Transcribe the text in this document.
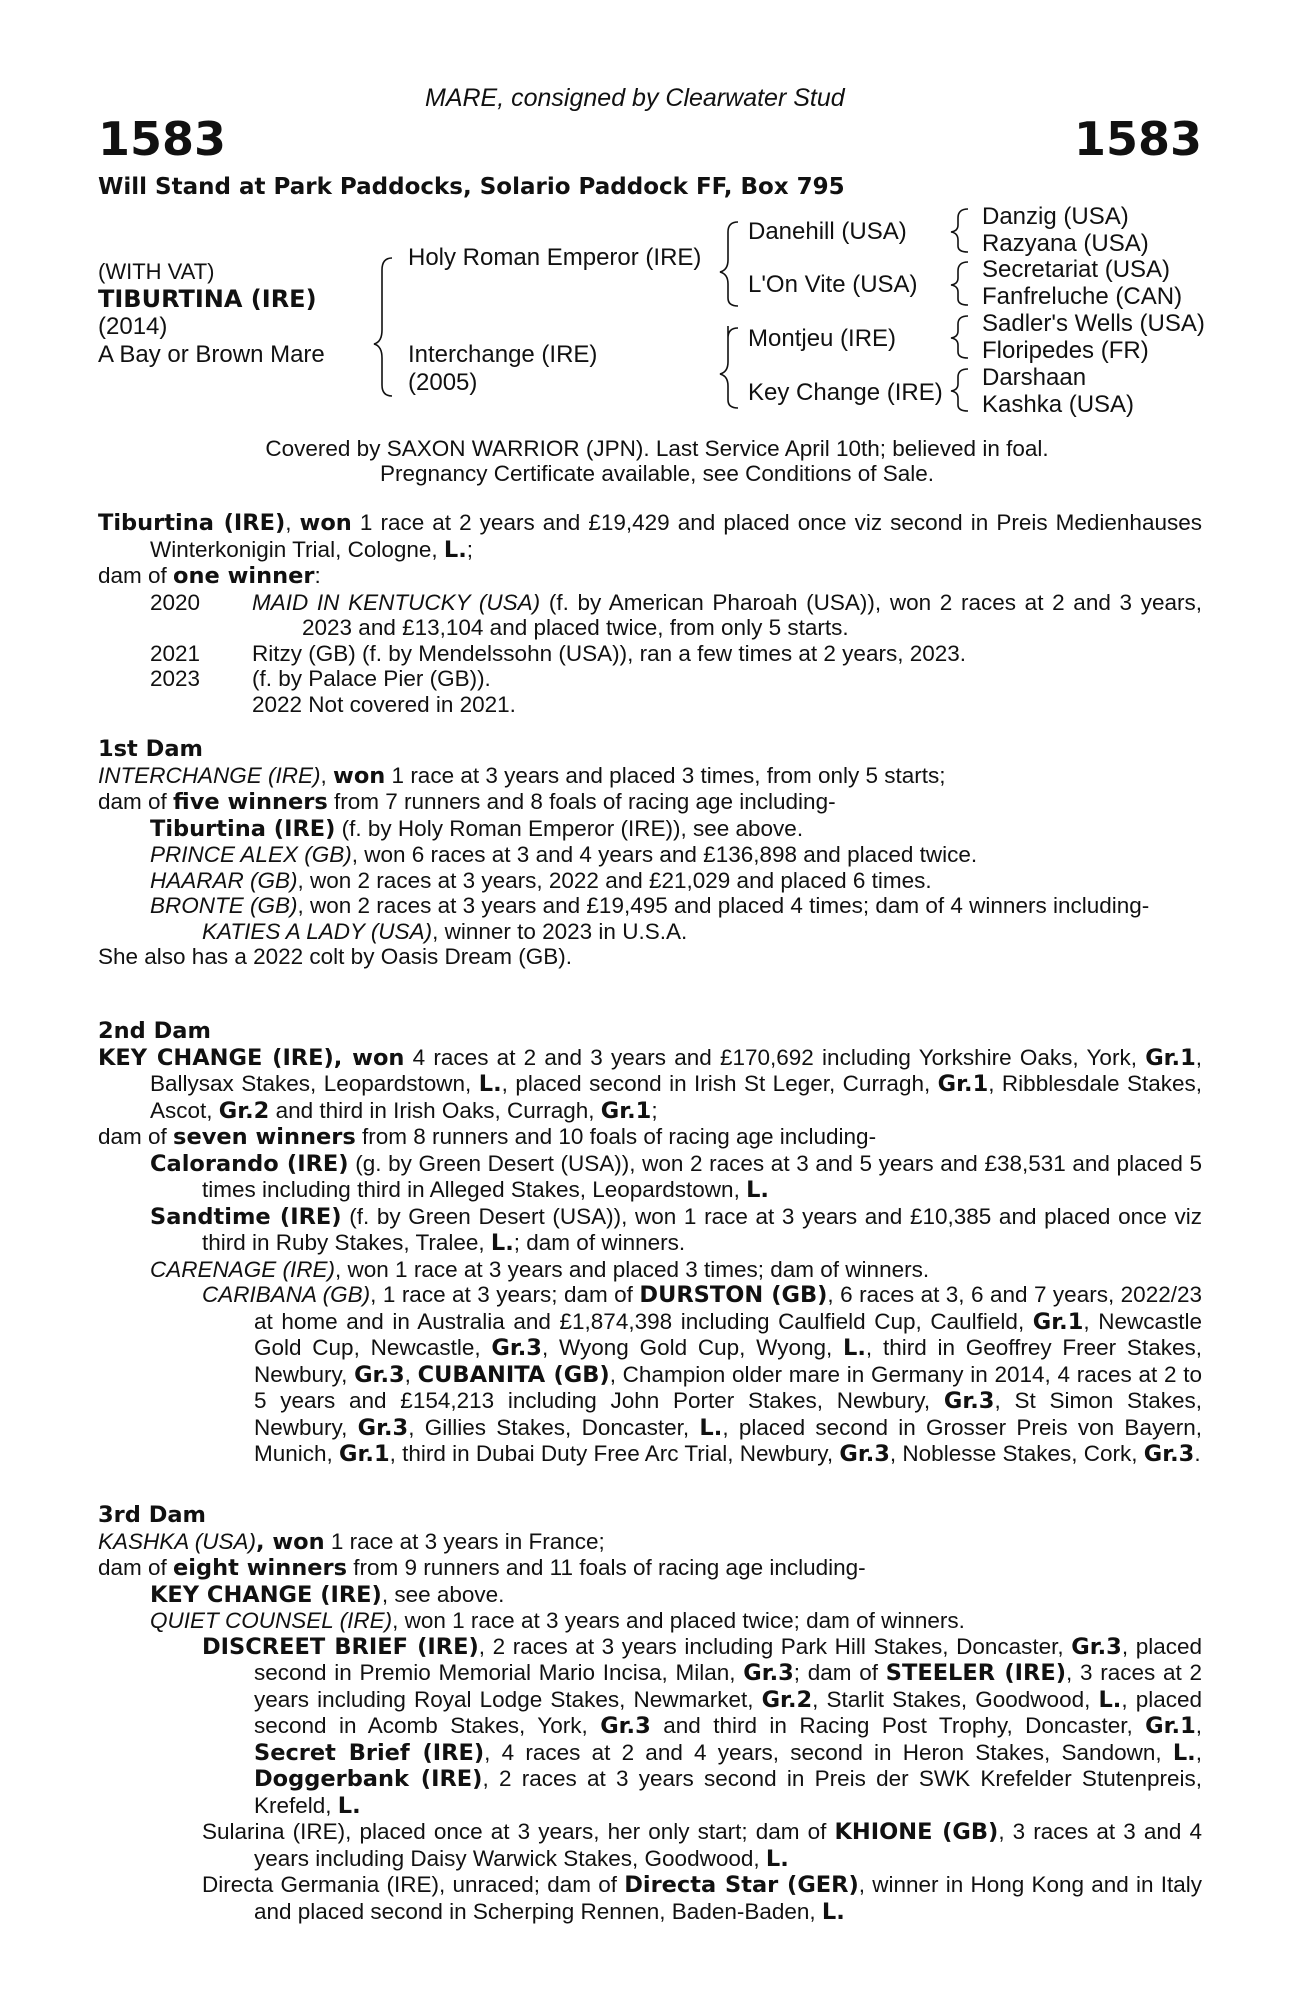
MARE, consigned by Clearwater Stud
1583	1583
Will Stand at Park Paddocks, Solario Paddock FF, Box 795
(WITH VAT)
TIBURTINA (IRE)
(2014)
A Bay or Brown Mare
Holy Roman Emperor (IRE)
Interchange (IRE)
(2005)
Danehill (USA)
L'On Vite (USA)
Montjeu (IRE)
Key Change (IRE)
Danzig (USA)
Razyana (USA)
Secretariat (USA)
Fanfreluche (CAN)
Sadler's Wells (USA)
Floripedes (FR)
Darshaan
Kashka (USA)
Covered by SAXON WARRIOR (JPN). Last Service April 10th; believed in foal.
Pregnancy Certificate available, see Conditions of Sale.

Tiburtina (IRE), won 1 race at 2 years and £19,429 and placed once viz second in Preis Medienhauses Winterkonigin Trial, Cologne, L.;

dam of one winner:

2020 MAID IN KENTUCKY (USA) (f. by American Pharoah (USA)), won 2 races at 2 and 3 years, 2023 and £13,104 and placed twice, from only 5 starts.

2021 Ritzy (GB) (f. by Mendelssohn (USA)), ran a few times at 2 years, 2023.

2023 (f. by Palace Pier (GB)).

2022 Not covered in 2021.

1st Dam

INTERCHANGE (IRE), won 1 race at 3 years and placed 3 times, from only 5 starts;

dam of five winners from 7 runners and 8 foals of racing age including-

Tiburtina (IRE) (f. by Holy Roman Emperor (IRE)), see above.

PRINCE ALEX (GB), won 6 races at 3 and 4 years and £136,898 and placed twice.

HAARAR (GB), won 2 races at 3 years, 2022 and £21,029 and placed 6 times.

BRONTE (GB), won 2 races at 3 years and £19,495 and placed 4 times; dam of 4 winners including-

KATIES A LADY (USA), winner to 2023 in U.S.A.

She also has a 2022 colt by Oasis Dream (GB).

2nd Dam

KEY CHANGE (IRE), won 4 races at 2 and 3 years and £170,692 including Yorkshire Oaks, York, Gr.1, Ballysax Stakes, Leopardstown, L., placed second in Irish St Leger, Curragh, Gr.1, Ribblesdale Stakes, Ascot, Gr.2 and third in Irish Oaks, Curragh, Gr.1;

dam of seven winners from 8 runners and 10 foals of racing age including-

Calorando (IRE) (g. by Green Desert (USA)), won 2 races at 3 and 5 years and £38,531 and placed 5 times including third in Alleged Stakes, Leopardstown, L.

Sandtime (IRE) (f. by Green Desert (USA)), won 1 race at 3 years and £10,385 and placed once viz third in Ruby Stakes, Tralee, L.; dam of winners.

CARENAGE (IRE), won 1 race at 3 years and placed 3 times; dam of winners.

CARIBANA (GB), 1 race at 3 years; dam of DURSTON (GB), 6 races at 3, 6 and 7 years, 2022/23 at home and in Australia and £1,874,398 including Caulfield Cup, Caulfield, Gr.1, Newcastle Gold Cup, Newcastle, Gr.3, Wyong Gold Cup, Wyong, L., third in Geoffrey Freer Stakes, Newbury, Gr.3, CUBANITA (GB), Champion older mare in Germany in 2014, 4 races at 2 to 5 years and £154,213 including John Porter Stakes, Newbury, Gr.3, St Simon Stakes, Newbury, Gr.3, Gillies Stakes, Doncaster, L., placed second in Grosser Preis von Bayern, Munich, Gr.1, third in Dubai Duty Free Arc Trial, Newbury, Gr.3, Noblesse Stakes, Cork, Gr.3.

3rd Dam

KASHKA (USA), won 1 race at 3 years in France;

dam of eight winners from 9 runners and 11 foals of racing age including-

KEY CHANGE (IRE), see above.

QUIET COUNSEL (IRE), won 1 race at 3 years and placed twice; dam of winners.

DISCREET BRIEF (IRE), 2 races at 3 years including Park Hill Stakes, Doncaster, Gr.3, placed second in Premio Memorial Mario Incisa, Milan, Gr.3; dam of STEELER (IRE), 3 races at 2 years including Royal Lodge Stakes, Newmarket, Gr.2, Starlit Stakes, Goodwood, L., placed second in Acomb Stakes, York, Gr.3 and third in Racing Post Trophy, Doncaster, Gr.1, Secret Brief (IRE), 4 races at 2 and 4 years, second in Heron Stakes, Sandown, L., Doggerbank (IRE), 2 races at 3 years second in Preis der SWK Krefelder Stutenpreis, Krefeld, L.

Sularina (IRE), placed once at 3 years, her only start; dam of KHIONE (GB), 3 races at 3 and 4 years including Daisy Warwick Stakes, Goodwood, L.

Directa Germania (IRE), unraced; dam of Directa Star (GER), winner in Hong Kong and in Italy and placed second in Scherping Rennen, Baden-Baden, L.
